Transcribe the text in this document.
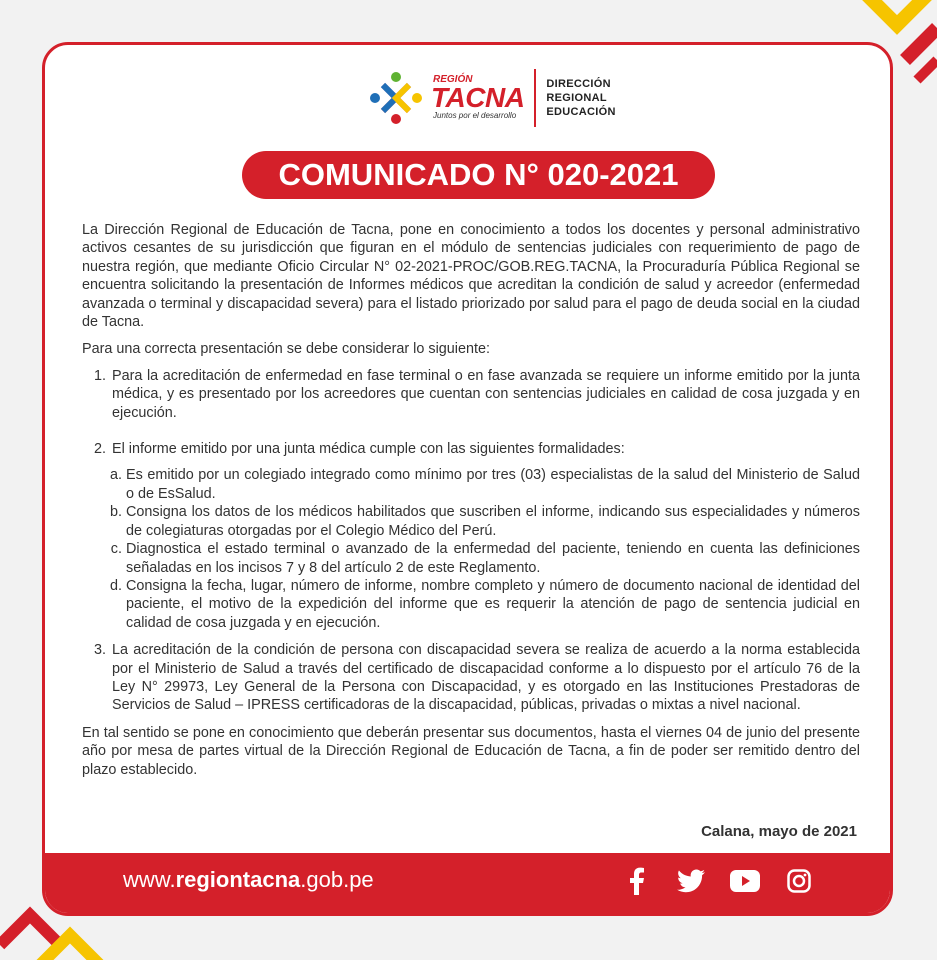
REGIÓN
TACNA
Juntos por el desarrollo
DIRECCIÓN
REGIONAL
EDUCACIÓN
COMUNICADO N° 020-2021

La Dirección Regional de Educación de Tacna, pone en conocimiento a todos los docentes y personal administrativo activos cesantes de su jurisdicción que figuran en el módulo de sentencias judiciales con requerimiento de pago de nuestra región, que mediante Oficio Circular N° 02-2021-PROC/GOB.REG.TACNA, la Procuraduría Pública Regional se encuentra solicitando la presentación de Informes médicos que acreditan la condición de salud y acreedor (enfermedad avanzada o terminal y discapacidad severa) para el listado priorizado por salud para el pago de deuda social en la ciudad de Tacna.

Para una correcta presentación se debe considerar lo siguiente:

1. Para la acreditación de enfermedad en fase terminal o en fase avanzada se requiere un informe emitido por la junta médica, y es presentado por los acreedores que cuentan con sentencias judiciales en calidad de cosa juzgada y en ejecución.
2. El informe emitido por una junta médica cumple con las siguientes formalidades:
a. Es emitido por un colegiado integrado como mínimo por tres (03) especialistas de la salud del Ministerio de Salud o de EsSalud.
b. Consigna los datos de los médicos habilitados que suscriben el informe, indicando sus especialidades y números de colegiaturas otorgadas por el Colegio Médico del Perú.
c. Diagnostica el estado terminal o avanzado de la enfermedad del paciente, teniendo en cuenta las definiciones señaladas en los incisos 7 y 8 del artículo 2 de este Reglamento.
d. Consigna la fecha, lugar, número de informe, nombre completo y número de documento nacional de identidad del paciente, el motivo de la expedición del informe que es requerir la atención de pago de sentencia judicial en calidad de cosa juzgada y en ejecución.
3. La acreditación de la condición de persona con discapacidad severa se realiza de acuerdo a la norma establecida por el Ministerio de Salud a través del certificado de discapacidad conforme a lo dispuesto por el artículo 76 de la Ley N° 29973, Ley General de la Persona con Discapacidad, y es otorgado en las Instituciones Prestadoras de Servicios de Salud – IPRESS certificadoras de la discapacidad, públicas, privadas o mixtas a nivel nacional.

En tal sentido se pone en conocimiento que deberán presentar sus documentos, hasta el viernes 04 de junio del presente año por mesa de partes virtual de la Dirección Regional de Educación de Tacna, a fin de poder ser remitido dentro del plazo establecido.

Calana, mayo de 2021
www.regiontacna.gob.pe
